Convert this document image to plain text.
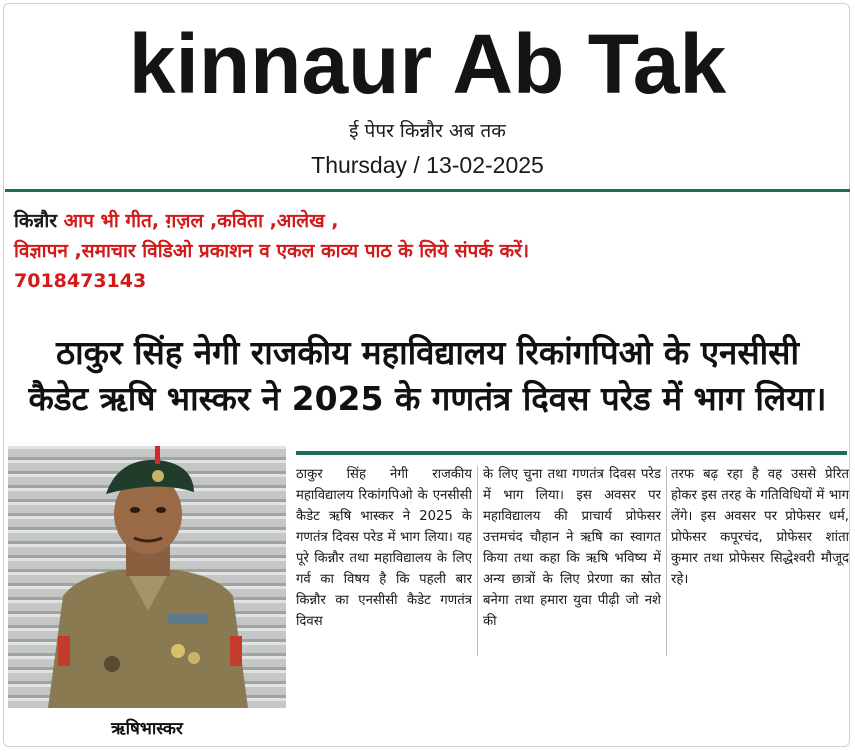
kinnaur Ab Tak
ई पेपर किन्नौर अब तक
Thursday / 13-02-2025
किन्नौर आप भी गीत, ग़ज़ल ,कविता ,आलेख ,
विज्ञापन ,समाचार विडिओ प्रकाशन व एकल काव्य पाठ के लिये संपर्क करें।
7018473143
ठाकुर सिंह नेगी राजकीय महाविद्यालय रिकांगपिओ के एनसीसी
कैडेट ऋषि भास्कर ने 2025 के गणतंत्र दिवस परेड में भाग लिया।
ऋषिभास्कर
ठाकुर सिंह नेगी राजकीय महाविद्यालय रिकांगपिओ के एनसीसी कैडेट ऋषि भास्कर ने 2025 के गणतंत्र दिवस परेड में भाग लिया। यह पूरे किन्नौर तथा महाविद्यालय के लिए गर्व का विषय है कि पहली बार किन्नौर का एनसीसी कैडेट गणतंत्र दिवस
के लिए चुना तथा गणतंत्र दिवस परेड में भाग लिया। इस अवसर पर महाविद्यालय की प्राचार्य प्रोफेसर उत्तमचंद चौहान ने ऋषि का स्वागत किया तथा कहा कि ऋषि भविष्य में अन्य छात्रों के लिए प्रेरणा का स्रोत बनेगा तथा हमारा युवा पीढ़ी जो नशे की
तरफ बढ़ रहा है वह उससे प्रेरित होकर इस तरह के गतिविधियों में भाग लेंगे। इस अवसर पर प्रोफेसर धर्म, प्रोफेसर कपूरचंद, प्रोफेसर शांता कुमार तथा प्रोफेसर सिद्धेश्वरी मौजूद रहे।
